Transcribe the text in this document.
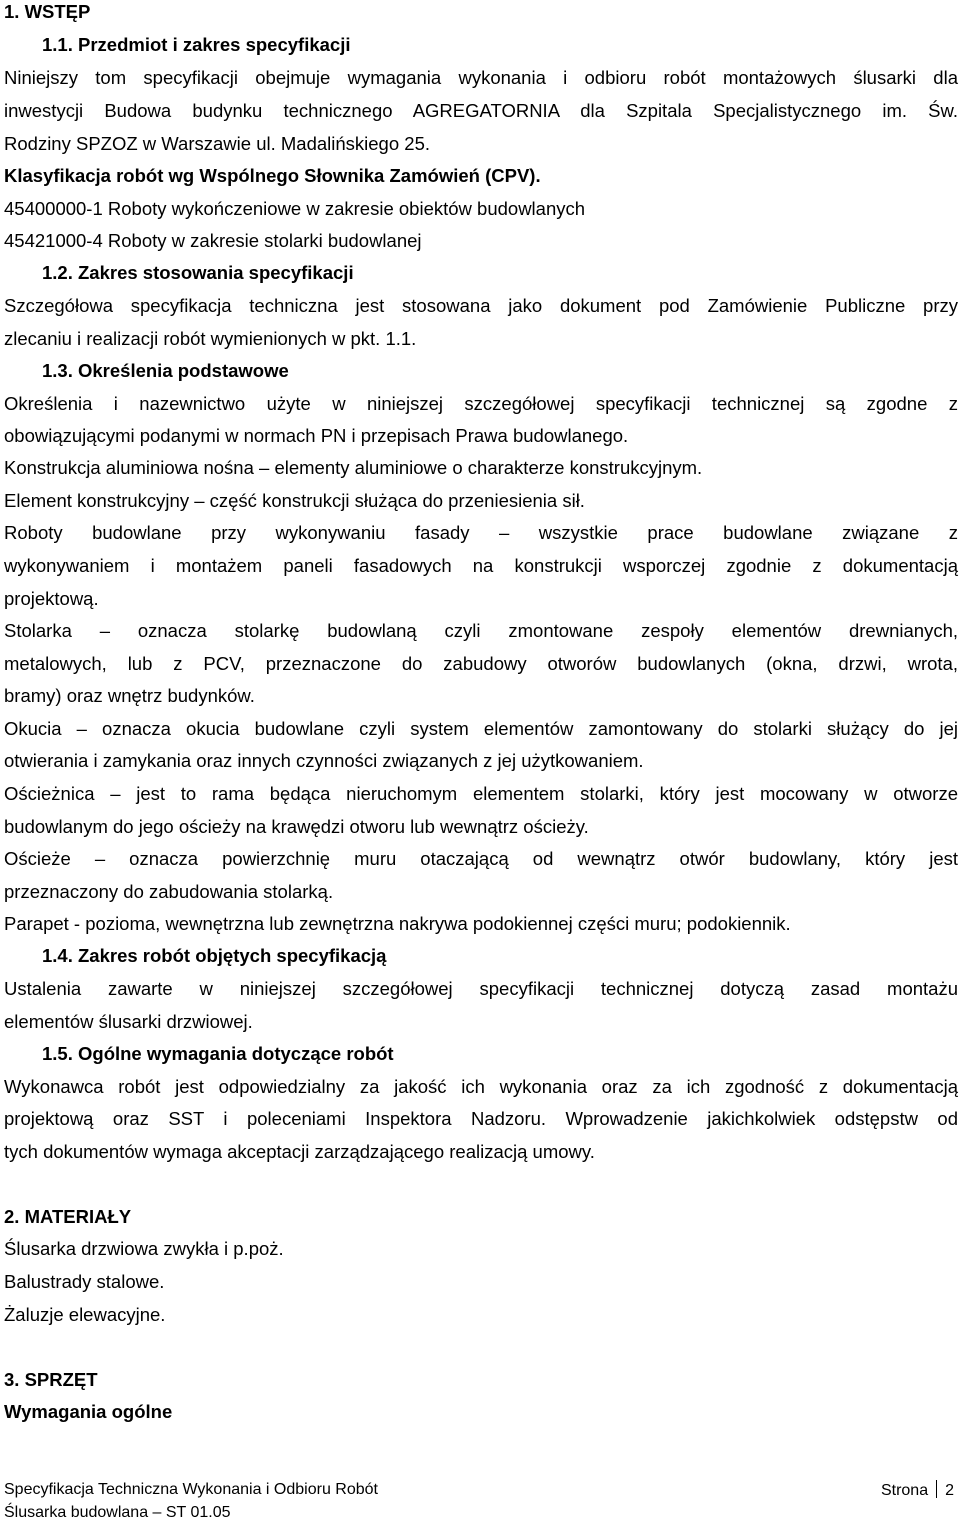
1. WSTĘP
1.1. Przedmiot i zakres specyfikacji
Niniejszy tom specyfikacji obejmuje wymagania wykonania i odbioru robót montażowych ślusarki dla
inwestycji Budowa budynku technicznego AGREGATORNIA dla Szpitala Specjalistycznego im. Św.
Rodziny SPZOZ w Warszawie ul. Madalińskiego 25.
Klasyfikacja robót wg Wspólnego Słownika Zamówień (CPV).
45400000-1 Roboty wykończeniowe w zakresie obiektów budowlanych
45421000-4 Roboty w zakresie stolarki budowlanej
1.2. Zakres stosowania specyfikacji
Szczegółowa specyfikacja techniczna jest stosowana jako dokument pod Zamówienie Publiczne przy
zlecaniu i realizacji robót wymienionych w pkt. 1.1.
1.3. Określenia podstawowe
Określenia i nazewnictwo użyte w niniejszej szczegółowej specyfikacji technicznej są zgodne z
obowiązującymi podanymi w normach PN i przepisach Prawa budowlanego.
Konstrukcja aluminiowa nośna – elementy aluminiowe o charakterze konstrukcyjnym.
Element konstrukcyjny – część konstrukcji służąca do przeniesienia sił.
Roboty budowlane przy wykonywaniu fasady – wszystkie prace budowlane związane z
wykonywaniem i montażem paneli fasadowych na konstrukcji wsporczej zgodnie z dokumentacją
projektową.
Stolarka – oznacza stolarkę budowlaną czyli zmontowane zespoły elementów drewnianych,
metalowych, lub z PCV, przeznaczone do zabudowy otworów budowlanych (okna, drzwi, wrota,
bramy) oraz wnętrz budynków.
Okucia – oznacza okucia budowlane czyli system elementów zamontowany do stolarki służący do jej
otwierania i zamykania oraz innych czynności związanych z jej użytkowaniem.
Ościeżnica – jest to rama będąca nieruchomym elementem stolarki, który jest mocowany w otworze
budowlanym do jego ościeży na krawędzi otworu lub wewnątrz ościeży.
Ościeże – oznacza powierzchnię muru otaczającą od wewnątrz otwór budowlany, który jest
przeznaczony do zabudowania stolarką.
Parapet - pozioma, wewnętrzna lub zewnętrzna nakrywa podokiennej części muru; podokiennik.
1.4. Zakres robót objętych specyfikacją
Ustalenia zawarte w niniejszej szczegółowej specyfikacji technicznej dotyczą zasad montażu
elementów ślusarki drzwiowej.
1.5. Ogólne wymagania dotyczące robót
Wykonawca robót jest odpowiedzialny za jakość ich wykonania oraz za ich zgodność z dokumentacją
projektową oraz SST i poleceniami Inspektora Nadzoru. Wprowadzenie jakichkolwiek odstępstw od
tych dokumentów wymaga akceptacji zarządzającego realizacją umowy.
2. MATERIAŁY
Ślusarka drzwiowa zwykła i p.poż.
Balustrady stalowe.
Żaluzje elewacyjne.
3. SPRZĘT
Wymagania ogólne
Specyfikacja Techniczna Wykonania i Odbioru Robót	Strona 2
Ślusarka budowlana – ST 01.05
